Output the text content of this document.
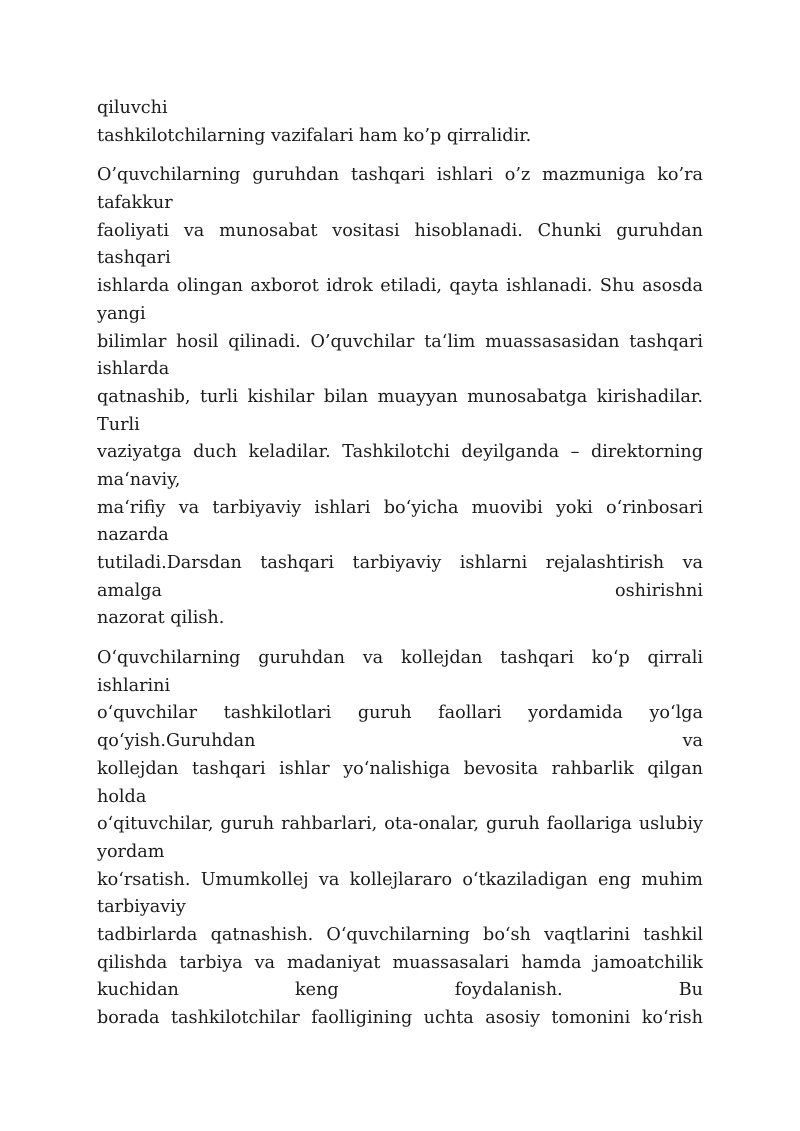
qiluvchi
tashkilotchilarning vazifalari ham ko’p qirralidir.
O’quvchilarning guruhdan tashqari ishlari o’z mazmuniga ko’ra
tafakkur
faoliyati va munosabat vositasi hisoblanadi. Chunki guruhdan
tashqari
ishlarda olingan axborot idrok etiladi, qayta ishlanadi. Shu asosda
yangi
bilimlar hosil qilinadi. O’quvchilar ta‘lim muassasasidan tashqari
ishlarda
qatnashib, turli kishilar bilan muayyan munosabatga kirishadilar.
Turli
vaziyatga duch keladilar. Tashkilotchi deyilganda – direktorning
ma‘naviy,
ma‘rifiy va tarbiyaviy ishlari bo‘yicha muovibi yoki o‘rinbosari
nazarda
tutiladi.Darsdan tashqari tarbiyaviy ishlarni rejalashtirish va
amalga oshirishni
nazorat qilish.
O‘quvchilarning guruhdan va kollejdan tashqari ko‘p qirrali
ishlarini
o‘quvchilar tashkilotlari guruh faollari yordamida yo‘lga
qo‘yish.Guruhdan va
kollejdan tashqari ishlar yo‘nalishiga bevosita rahbarlik qilgan
holda
o‘qituvchilar, guruh rahbarlari, ota-onalar, guruh faollariga uslubiy
yordam
ko‘rsatish. Umumkollej va kollejlararo o‘tkaziladigan eng muhim
tarbiyaviy
tadbirlarda qatnashish. O‘quvchilarning bo‘sh vaqtlarini tashkil
qilishda tarbiya va madaniyat muassasalari hamda jamoatchilik
kuchidan keng foydalanish. Bu
borada tashkilotchilar faolligining uchta asosiy tomonini ko‘rish
